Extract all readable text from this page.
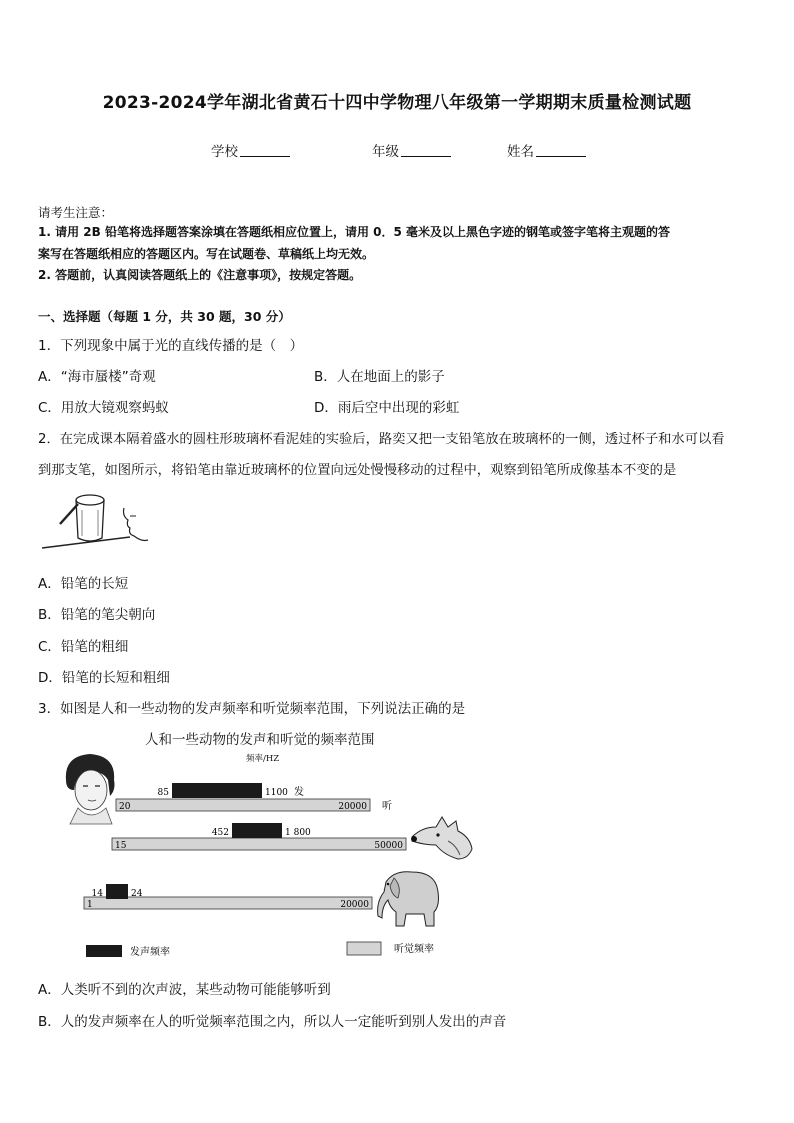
2023-2024学年湖北省黄石十四中学物理八年级第一学期期末质量检测试题
学校	年级	姓名
请考生注意：
1. 请用 2B 铅笔将选择题答案涂填在答题纸相应位置上，请用 0．5 毫米及以上黑色字迹的钢笔或签字笔将主观题的答
案写在答题纸相应的答题区内。写在试题卷、草稿纸上均无效。
2. 答题前，认真阅读答题纸上的《注意事项》，按规定答题。
一、选择题（每题 1 分，共 30 题，30 分）
1．下列现象中属于光的直线传播的是（　）
A．“海市蜃楼”奇观	B．人在地面上的影子
C．用放大镜观察蚂蚁	D．雨后空中出现的彩虹
2．在完成课本隔着盛水的圆柱形玻璃杯看泥娃的实验后，路奕又把一支铅笔放在玻璃杯的一侧，透过杯子和水可以看
到那支笔，如图所示，将铅笔由靠近玻璃杯的位置向远处慢慢移动的过程中，观察到铅笔所成像基本不变的是
A．铅笔的长短
B．铅笔的笔尖朝向
C．铅笔的粗细
D．铅笔的长短和粗细
3．如图是人和一些动物的发声频率和听觉频率范围，下列说法正确的是
人和一些动物的发声和听觉的频率范围
频率/HZ
20	20000
85	1100 发
听
15	50000
452	1 800
1	20000
14	24
发声频率	听觉频率
A．人类听不到的次声波，某些动物可能能够听到
B．人的发声频率在人的听觉频率范围之内，所以人一定能听到别人发出的声音
